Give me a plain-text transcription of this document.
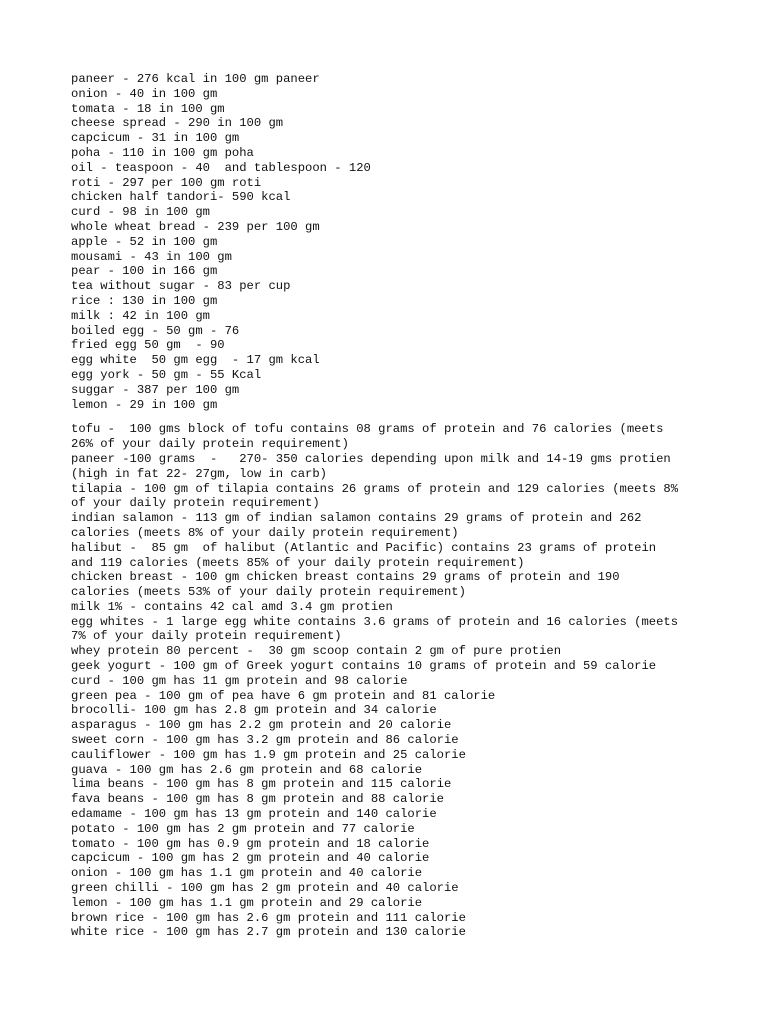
paneer - 276 kcal in 100 gm paneer
onion - 40 in 100 gm
tomata - 18 in 100 gm
cheese spread - 290 in 100 gm
capcicum - 31 in 100 gm
poha - 110 in 100 gm poha
oil - teaspoon - 40  and tablespoon - 120
roti - 297 per 100 gm roti
chicken half tandori- 590 kcal
curd - 98 in 100 gm
whole wheat bread - 239 per 100 gm
apple - 52 in 100 gm
mousami - 43 in 100 gm
pear - 100 in 166 gm
tea without sugar - 83 per cup
rice : 130 in 100 gm
milk : 42 in 100 gm
boiled egg - 50 gm - 76
fried egg 50 gm  - 90
egg white  50 gm egg  - 17 gm kcal
egg york - 50 gm - 55 Kcal
suggar - 387 per 100 gm
lemon - 29 in 100 gm
tofu -  100 gms block of tofu contains 08 grams of protein and 76 calories (meets
26% of your daily protein requirement)
paneer -100 grams  -   270- 350 calories depending upon milk and 14-19 gms protien
(high in fat 22- 27gm, low in carb)
tilapia - 100 gm of tilapia contains 26 grams of protein and 129 calories (meets 8%
of your daily protein requirement)
indian salamon - 113 gm of indian salamon contains 29 grams of protein and 262
calories (meets 8% of your daily protein requirement)
halibut -  85 gm  of halibut (Atlantic and Pacific) contains 23 grams of protein
and 119 calories (meets 85% of your daily protein requirement)
chicken breast - 100 gm chicken breast contains 29 grams of protein and 190
calories (meets 53% of your daily protein requirement)
milk 1% - contains 42 cal amd 3.4 gm protien
egg whites - 1 large egg white contains 3.6 grams of protein and 16 calories (meets
7% of your daily protein requirement)
whey protein 80 percent -  30 gm scoop contain 2 gm of pure protien
geek yogurt - 100 gm of Greek yogurt contains 10 grams of protein and 59 calorie
curd - 100 gm has 11 gm protein and 98 calorie
green pea - 100 gm of pea have 6 gm protein and 81 calorie
brocolli- 100 gm has 2.8 gm protein and 34 calorie
asparagus - 100 gm has 2.2 gm protein and 20 calorie
sweet corn - 100 gm has 3.2 gm protein and 86 calorie
cauliflower - 100 gm has 1.9 gm protein and 25 calorie
guava - 100 gm has 2.6 gm protein and 68 calorie
lima beans - 100 gm has 8 gm protein and 115 calorie
fava beans - 100 gm has 8 gm protein and 88 calorie
edamame - 100 gm has 13 gm protein and 140 calorie
potato - 100 gm has 2 gm protein and 77 calorie
tomato - 100 gm has 0.9 gm protein and 18 calorie
capcicum - 100 gm has 2 gm protein and 40 calorie
onion - 100 gm has 1.1 gm protein and 40 calorie
green chilli - 100 gm has 2 gm protein and 40 calorie
lemon - 100 gm has 1.1 gm protein and 29 calorie
brown rice - 100 gm has 2.6 gm protein and 111 calorie
white rice - 100 gm has 2.7 gm protein and 130 calorie
